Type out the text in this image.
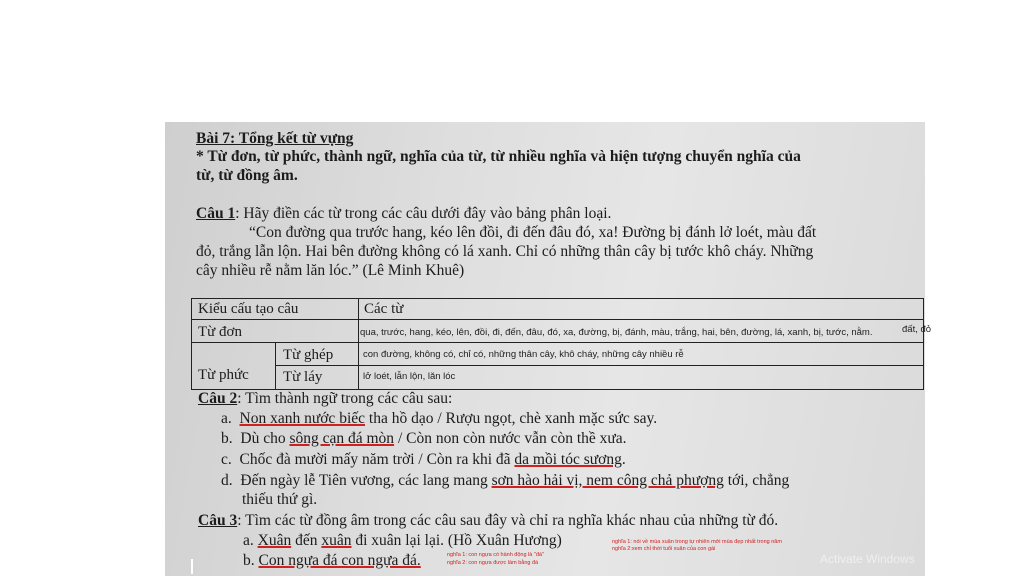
Bài 7: Tổng kết từ vựng
* Từ đơn, từ phức, thành ngữ, nghĩa của từ, từ nhiều nghĩa và hiện tượng chuyển nghĩa của
từ, từ đồng âm.
Câu 1: Hãy điền các từ trong các câu dưới đây vào bảng phân loại.
“Con đường qua trước hang, kéo lên đồi, đi đến đâu đó, xa! Đường bị đánh lở loét, màu đất
đỏ, trắng lẫn lộn. Hai bên đường không có lá xanh. Chỉ có những thân cây bị tước khô cháy. Những
cây nhiều rễ nằm lăn lóc.” (Lê Minh Khuê)
Kiểu cấu tạo câu	Các từ
Từ đơn	qua, trước, hang, kéo, lên, đồi, đi, đến, đâu, đó, xa, đường, bị, đánh, màu, trắng, hai, bên, đường, lá, xanh, bị, tước, nằm.
Từ phức
Từ ghép	con đường, không có, chỉ có, những thân cây, khô cháy, những cây nhiều rễ
Từ láy	lở loét, lẫn lộn, lăn lóc
Câu 2: Tìm thành ngữ trong các câu sau:
a. Non xanh nước biếc tha hồ dạo / Rượu ngọt, chè xanh mặc sức say.
b. Dù cho sông cạn đá mòn / Còn non còn nước vẫn còn thề xưa.
c. Chốc đà mười mấy năm trời / Còn ra khi đã da mồi tóc sương.
d. Đến ngày lễ Tiên vương, các lang mang sơn hào hải vị, nem công chả phượng tới, chẳng
thiếu thứ gì.
Câu 3: Tìm các từ đồng âm trong các câu sau đây và chỉ ra nghĩa khác nhau của những từ đó.
a. Xuân đến xuân đi xuân lại lại. (Hồ Xuân Hương)	nghĩa 1: nói về mùa xuân trong tự nhiên mới mùa đẹp nhất trong năm
nghĩa 2:xem chỉ thời tuổi xuân của con gái
b. Con ngựa đá con ngựa đá.	nghĩa 1: con ngựa có hành động là "đá"
nghĩa 2: con ngựa được làm bằng đá	Activate Windows
đất, đỏ
